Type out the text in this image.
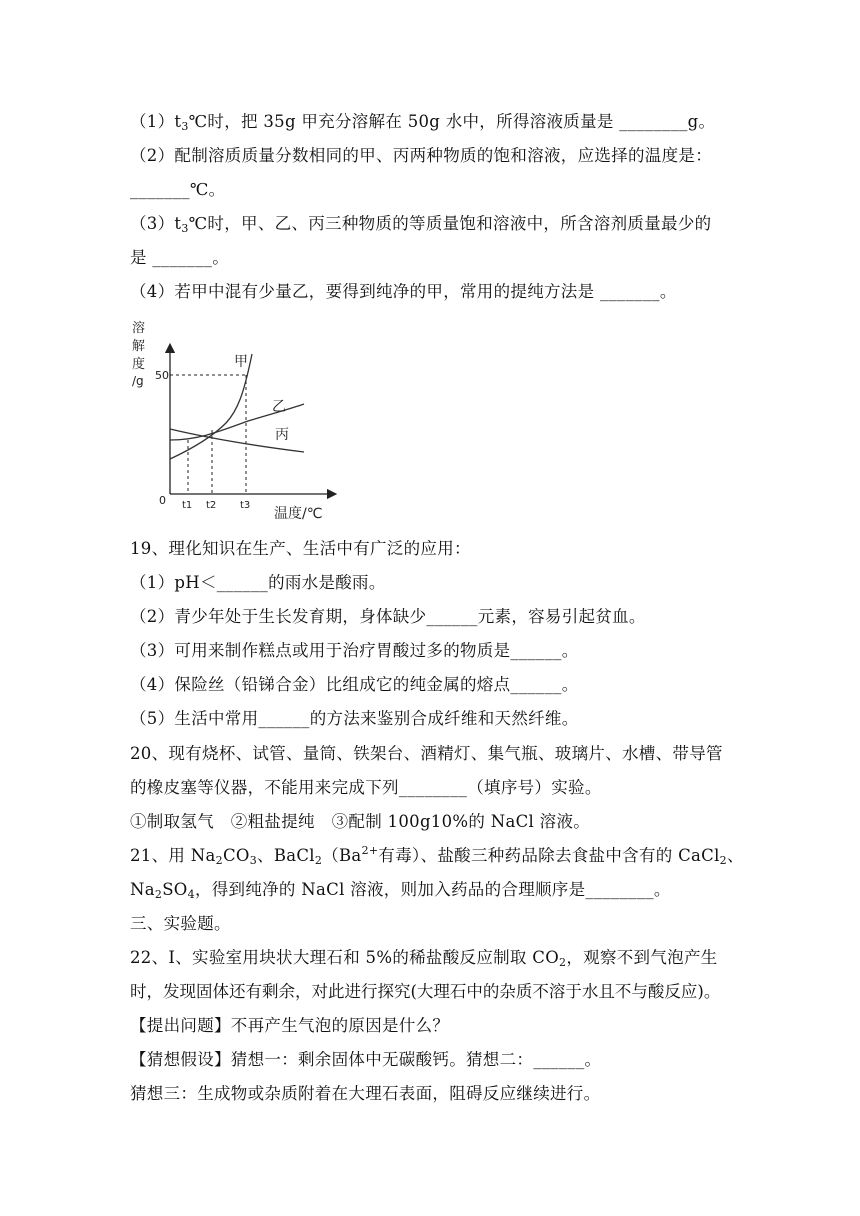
$(1)t_3℃$时，把 35g 甲充分溶解在 50g 水中，所得溶液质量是 ________g。
（2）配制溶质质量分数相同的甲、丙两种物质的饱和溶液，应选择的温度是：
_______℃。
$(3)t_3℃$时，甲、乙、丙三种物质的等质量饱和溶液中，所含溶剂质量最少的
是 _______。
（4）若甲中混有少量乙，要得到纯净的甲，常用的提纯方法是 _______。
溶
解
度
/g
甲
乙
丙
50
0 t1 t2 t3
温度/℃
19、理化知识在生产、生活中有广泛的应用：
（1）pH＜______的雨水是酸雨。
（2）青少年处于生长发育期，身体缺少______元素，容易引起贫血。
（3）可用来制作糕点或用于治疗胃酸过多的物质是______。
（4）保险丝（铅锑合金）比组成它的纯金属的熔点______。
（5）生活中常用______的方法来鉴别合成纤维和天然纤维。
20、现有烧杯、试管、量筒、铁架台、酒精灯、集气瓶、玻璃片、水槽、带导管
的橡皮塞等仪器，不能用来完成下列________（填序号）实验。
①制取氢气　②粗盐提纯　③配制 100g10%的 NaCl 溶液。
21、用 $Na_2CO_3$、$BaCl_2(Ba^{2+}$有毒）、盐酸三种药品除去食盐中含有的 CaCl$_2$、
$Na_2SO_4$，得到纯净的 NaCl 溶液，则加入药品的合理顺序是________。
三、实验题。
22、Ⅰ、实验室用块状大理石和 5%的稀盐酸反应制取 $CO_2$，观察不到气泡产生
时，发现固体还有剩余，对此进行探究(大理石中的杂质不溶于水且不与酸反应)。
【提出问题】不再产生气泡的原因是什么？
【猜想假设】猜想一：剩余固体中无碳酸钙。猜想二：______。
猜想三：生成物或杂质附着在大理石表面，阻碍反应继续进行。
